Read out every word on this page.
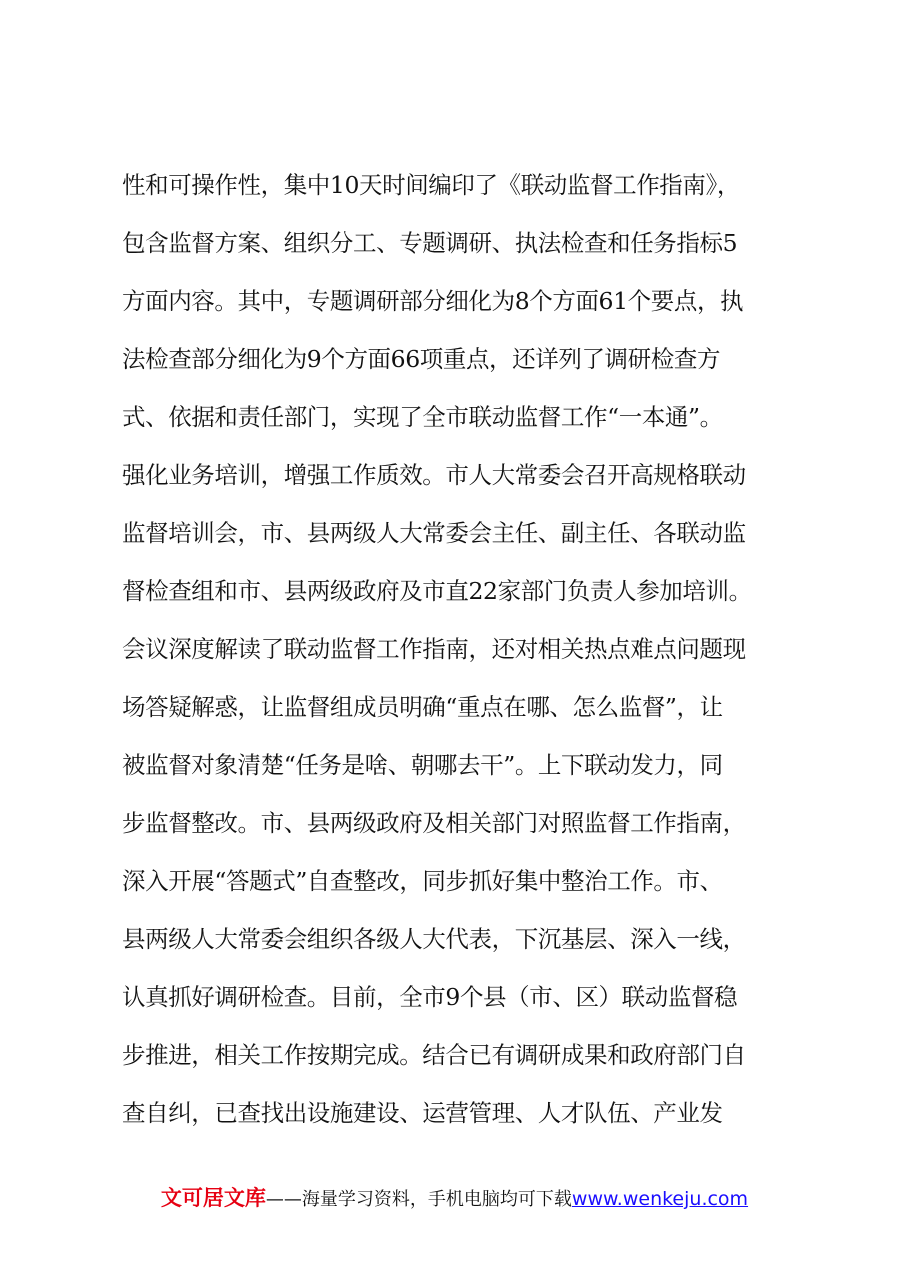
性和可操作性，集中10天时间编印了《联动监督工作指南》，
包含监督方案、组织分工、专题调研、执法检查和任务指标5
方面内容。其中，专题调研部分细化为8个方面61个要点，执
法检查部分细化为9个方面66项重点，还详列了调研检查方
式、依据和责任部门，实现了全市联动监督工作“一本通”。
强化业务培训，增强工作质效。市人大常委会召开高规格联动
监督培训会，市、县两级人大常委会主任、副主任、各联动监
督检查组和市、县两级政府及市直22家部门负责人参加培训。
会议深度解读了联动监督工作指南，还对相关热点难点问题现
场答疑解惑，让监督组成员明确“重点在哪、怎么监督”，让
被监督对象清楚“任务是啥、朝哪去干”。上下联动发力，同
步监督整改。市、县两级政府及相关部门对照监督工作指南，
深入开展“答题式”自查整改，同步抓好集中整治工作。市、
县两级人大常委会组织各级人大代表，下沉基层、深入一线，
认真抓好调研检查。目前，全市9个县（市、区）联动监督稳
步推进，相关工作按期完成。结合已有调研成果和政府部门自
查自纠，已查找出设施建设、运营管理、人才队伍、产业发
文可居文库——海量学习资料，手机电脑均可下载www.wenkeju.com
